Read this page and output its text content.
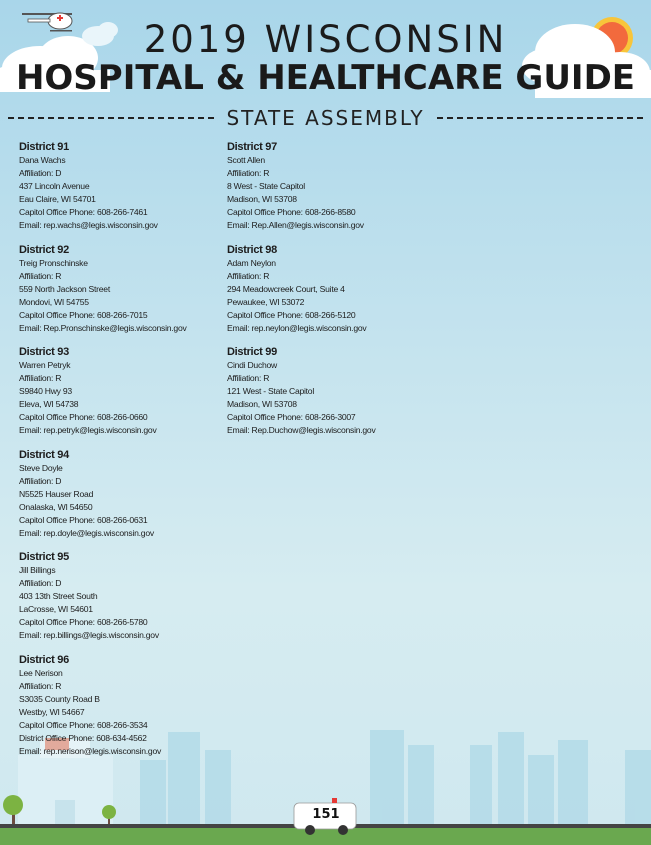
2019 WISCONSIN
HOSPITAL & HEALTHCARE GUIDE
STATE ASSEMBLY
District 91
Dana Wachs
Affiliation: D
437 Lincoln Avenue
Eau Claire, WI 54701
Capitol Office Phone: 608-266-7461
Email: rep.wachs@legis.wisconsin.gov
District 92
Treig Pronschinske
Affiliation: R
559 North Jackson Street
Mondovi, WI 54755
Capitol Office Phone: 608-266-7015
Email: Rep.Pronschinske@legis.wisconsin.gov
District 93
Warren Petryk
Affiliation: R
S9840 Hwy 93
Eleva, WI 54738
Capitol Office Phone: 608-266-0660
Email: rep.petryk@legis.wisconsin.gov
District 94
Steve Doyle
Affiliation: D
N5525 Hauser Road
Onalaska, WI 54650
Capitol Office Phone: 608-266-0631
Email: rep.doyle@legis.wisconsin.gov
District 95
Jill Billings
Affiliation: D
403 13th Street South
LaCrosse, WI 54601
Capitol Office Phone: 608-266-5780
Email: rep.billings@legis.wisconsin.gov
District 96
Lee Nerison
Affiliation: R
S3035 County Road B
Westby, WI 54667
Capitol Office Phone: 608-266-3534
District Office Phone: 608-634-4562
Email: rep.nerison@legis.wisconsin.gov
District 97
Scott Allen
Affiliation: R
8 West - State Capitol
Madison, WI 53708
Capitol Office Phone: 608-266-8580
Email: Rep.Allen@legis.wisconsin.gov
District 98
Adam Neylon
Affiliation: R
294 Meadowcreek Court, Suite 4
Pewaukee, WI 53072
Capitol Office Phone: 608-266-5120
Email: rep.neylon@legis.wisconsin.gov
District 99
Cindi Duchow
Affiliation: R
121 West - State Capitol
Madison, WI 53708
Capitol Office Phone: 608-266-3007
Email: Rep.Duchow@legis.wisconsin.gov
151
